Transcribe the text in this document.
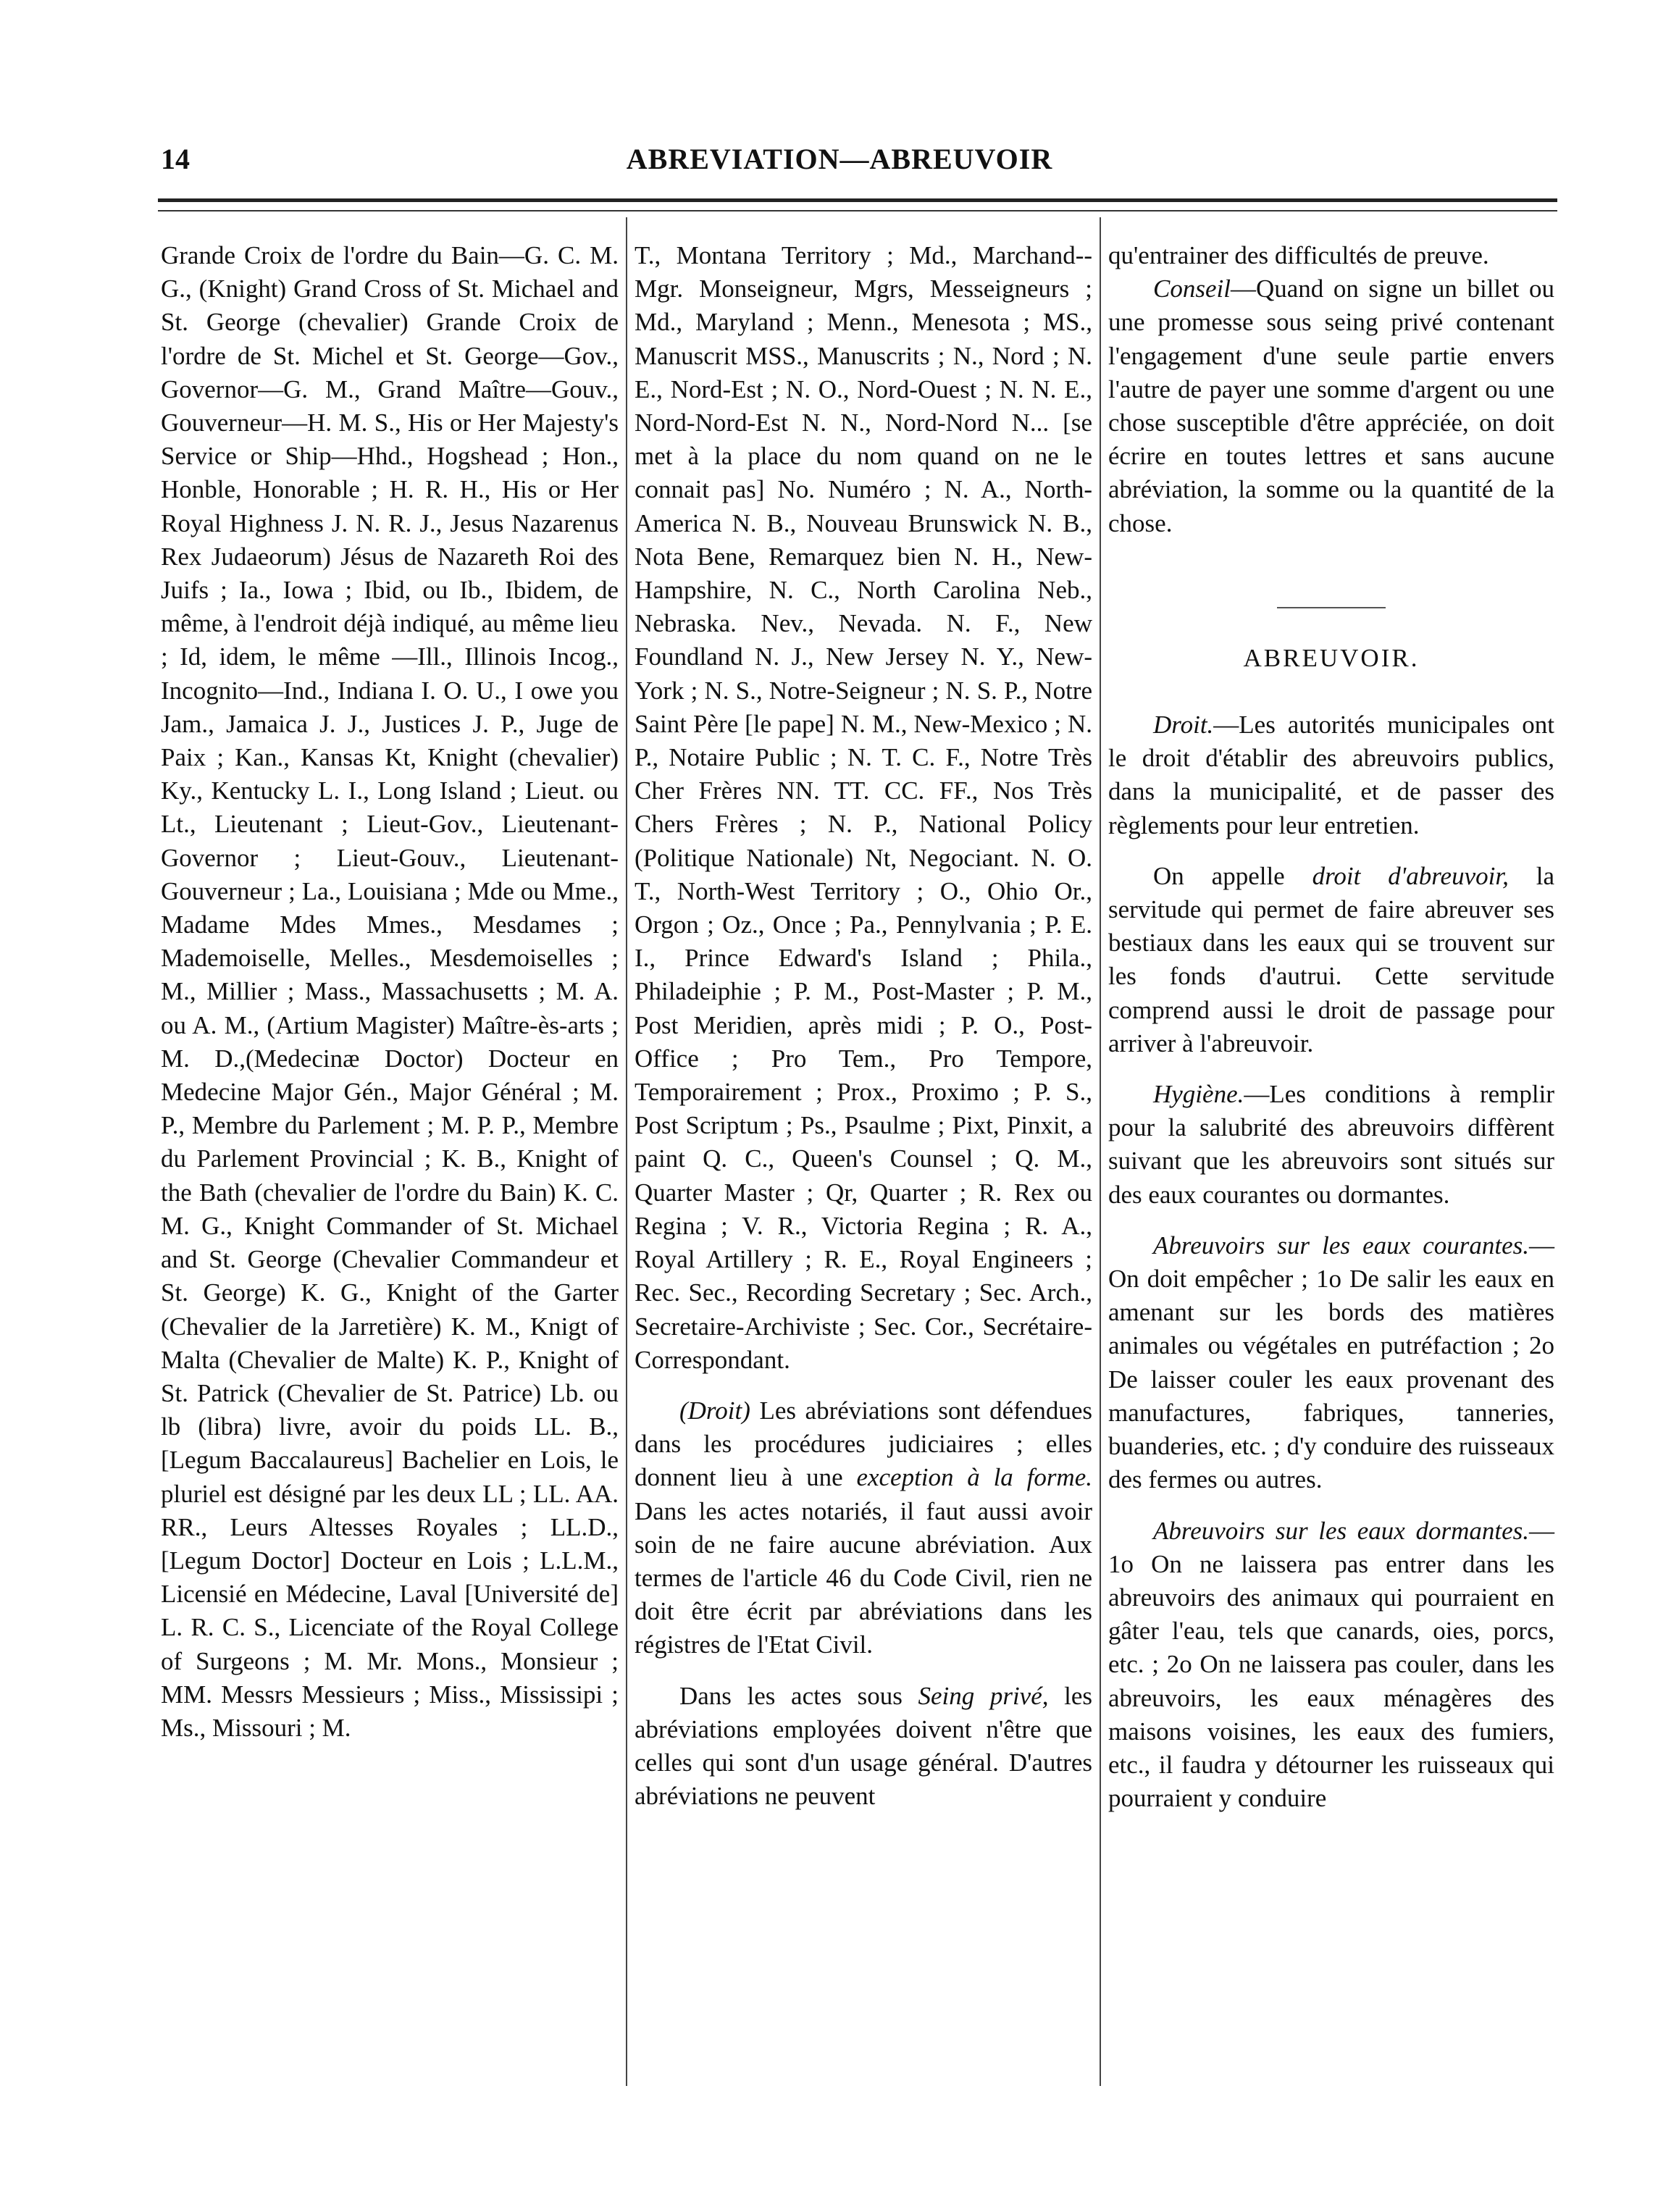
14	ABREVIATION—ABREUVOIR

Grande Croix de l'ordre du Bain—G. C. M. G., (Knight) Grand Cross of St. Michael and St. George (chevalier) Grande Croix de l'ordre de St. Michel et St. George—Gov., Governor—G. M., Grand Maître—Gouv., Gouverneur—H. M. S., His or Her Majesty's Service or Ship—Hhd., Hogshead ; Hon., Honble, Honorable ; H. R. H., His or Her Royal Highness J. N. R. J., Jesus Nazarenus Rex Judaeorum) Jésus de Nazareth Roi des Juifs ; Ia., Iowa ; Ibid, ou Ib., Ibidem, de même, à l'endroit déjà indiqué, au même lieu ; Id, idem, le même —Ill., Illinois Incog., Incognito—Ind., Indiana I. O. U., I owe you Jam., Jamaica J. J., Justices J. P., Juge de Paix ; Kan., Kansas Kt, Knight (chevalier) Ky., Kentucky L. I., Long Island ; Lieut. ou Lt., Lieutenant ; Lieut-Gov., Lieutenant-Governor ; Lieut-Gouv., Lieutenant-Gouverneur ; La., Louisiana ; Mde ou Mme., Madame Mdes Mmes., Mesdames ; Mademoiselle, Melles., Mesdemoiselles ; M., Millier ; Mass., Massachusetts ; M. A. ou A. M., (Artium Magister) Maître-ès-arts ; M. D.,(Medecinæ Doctor) Docteur en Medecine Major Gén., Major Général ; M. P., Membre du Parlement ; M. P. P., Membre du Parlement Provincial ; K. B., Knight of the Bath (chevalier de l'ordre du Bain) K. C. M. G., Knight Commander of St. Michael and St. George (Chevalier Commandeur et St. George) K. G., Knight of the Garter (Chevalier de la Jarretière) K. M., Knigt of Malta (Chevalier de Malte) K. P., Knight of St. Patrick (Chevalier de St. Patrice) Lb. ou lb (libra) livre, avoir du poids LL. B., [Legum Baccalaureus] Bachelier en Lois, le pluriel est désigné par les deux LL ; LL. AA. RR., Leurs Altesses Royales ; LL.D., [Legum Doctor] Docteur en Lois ; L.L.M., Licensié en Médecine, Laval [Université de] L. R. C. S., Licenciate of the Royal College of Surgeons ; M. Mr. Mons., Monsieur ; MM. Messrs Messieurs ; Miss., Mississipi ; Ms., Missouri ; M.

T., Montana Territory ; Md., Marchand--Mgr. Monseigneur, Mgrs, Messeigneurs ; Md., Maryland ; Menn., Menesota ; MS., Manuscrit MSS., Manuscrits ; N., Nord ; N. E., Nord-Est ; N. O., Nord-Ouest ; N. N. E., Nord-Nord-Est N. N., Nord-Nord N... [se met à la place du nom quand on ne le connait pas] No. Numéro ; N. A., North-America N. B., Nouveau Brunswick N. B., Nota Bene, Remarquez bien N. H., New-Hampshire, N. C., North Carolina Neb., Nebraska. Nev., Nevada. N. F., New Foundland N. J., New Jersey N. Y., New-York ; N. S., Notre-Seigneur ; N. S. P., Notre Saint Père [le pape] N. M., New-Mexico ; N. P., Notaire Public ; N. T. C. F., Notre Très Cher Frères NN. TT. CC. FF., Nos Très Chers Frères ; N. P., National Policy (Politique Nationale) Nt, Negociant. N. O. T., North-West Territory ; O., Ohio Or., Orgon ; Oz., Once ; Pa., Pennylvania ; P. E. I., Prince Edward's Island ; Phila., Philadeiphie ; P. M., Post-Master ; P. M., Post Meridien, après midi ; P. O., Post-Office ; Pro Tem., Pro Tempore, Temporairement ; Prox., Proximo ; P. S., Post Scriptum ; Ps., Psaulme ; Pixt, Pinxit, a paint Q. C., Queen's Counsel ; Q. M., Quarter Master ; Qr, Quarter ; R. Rex ou Regina ; V. R., Victoria Regina ; R. A., Royal Artillery ; R. E., Royal Engineers ; Rec. Sec., Recording Secretary ; Sec. Arch., Secretaire-Archiviste ; Sec. Cor., Secrétaire-Correspondant.

(Droit) Les abréviations sont défendues dans les procédures judiciaires ; elles donnent lieu à une exception à la forme. Dans les actes notariés, il faut aussi avoir soin de ne faire aucune abréviation. Aux termes de l'article 46 du Code Civil, rien ne doit être écrit par abréviations dans les régistres de l'Etat Civil.

Dans les actes sous Seing privé, les abréviations employées doivent n'être que celles qui sont d'un usage général. D'autres abréviations ne peuvent

qu'entrainer des difficultés de preuve.

Conseil—Quand on signe un billet ou une promesse sous seing privé contenant l'engagement d'une seule partie envers l'autre de payer une somme d'argent ou une chose susceptible d'être appréciée, on doit écrire en toutes lettres et sans aucune abréviation, la somme ou la quantité de la chose.

ABREUVOIR.

Droit.—Les autorités municipales ont le droit d'établir des abreuvoirs publics, dans la municipalité, et de passer des règlements pour leur entretien.

On appelle droit d'abreuvoir, la servitude qui permet de faire abreuver ses bestiaux dans les eaux qui se trouvent sur les fonds d'autrui. Cette servitude comprend aussi le droit de passage pour arriver à l'abreuvoir.

Hygiène.—Les conditions à remplir pour la salubrité des abreuvoirs diffèrent suivant que les abreuvoirs sont situés sur des eaux courantes ou dormantes.

Abreuvoirs sur les eaux courantes.—On doit empêcher ; 1o De salir les eaux en amenant sur les bords des matières animales ou végétales en putréfaction ; 2o De laisser couler les eaux provenant des manufactures, fabriques, tanneries, buanderies, etc. ; d'y conduire des ruisseaux des fermes ou autres.

Abreuvoirs sur les eaux dormantes.—1o On ne laissera pas entrer dans les abreuvoirs des animaux qui pourraient en gâter l'eau, tels que canards, oies, porcs, etc. ; 2o On ne laissera pas couler, dans les abreuvoirs, les eaux ménagères des maisons voisines, les eaux des fumiers, etc., il faudra y détourner les ruisseaux qui pourraient y conduire
